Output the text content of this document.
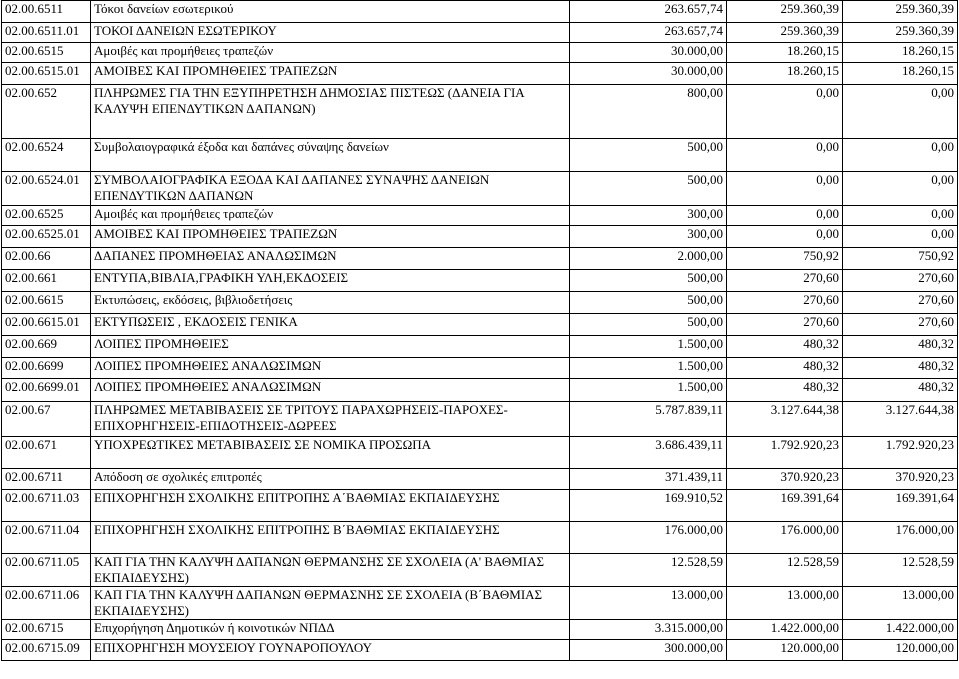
02.00.6511	Τόκοι δανείων εσωτερικού	263.657,74	259.360,39	259.360,39
02.00.6511.01	ΤΟΚΟΙ ΔΑΝΕΙΩΝ ΕΣΩΤΕΡΙΚΟΥ	263.657,74	259.360,39	259.360,39
02.00.6515	Αμοιβές και προμήθειες τραπεζών	30.000,00	18.260,15	18.260,15
02.00.6515.01	ΑΜΟΙΒΕΣ ΚΑΙ ΠΡΟΜΗΘΕΙΕΣ ΤΡΑΠΕΖΩΝ	30.000,00	18.260,15	18.260,15
02.00.652	ΠΛΗΡΩΜΕΣ ΓΙΑ ΤΗΝ ΕΞΥΠΗΡΕΤΗΣΗ ΔΗΜΟΣΙΑΣ ΠΙΣΤΕΩΣ (ΔΑΝΕΙΑ ΓΙΑ ΚΑΛΥΨΗ ΕΠΕΝΔΥΤΙΚΩΝ ΔΑΠΑΝΩΝ)	800,00	0,00	0,00
02.00.6524	Συμβολαιογραφικά έξοδα και δαπάνες σύναψης δανείων	500,00	0,00	0,00
02.00.6524.01	ΣΥΜΒΟΛΑΙΟΓΡΑΦΙΚΑ ΕΞΟΔΑ ΚΑΙ ΔΑΠΑΝΕΣ ΣΥΝΑΨΗΣ ΔΑΝΕΙΩΝ ΕΠΕΝΔΥΤΙΚΩΝ ΔΑΠΑΝΩΝ	500,00	0,00	0,00
02.00.6525	Αμοιβές και προμήθειες τραπεζών	300,00	0,00	0,00
02.00.6525.01	ΑΜΟΙΒΕΣ ΚΑΙ ΠΡΟΜΗΘΕΙΕΣ ΤΡΑΠΕΖΩΝ	300,00	0,00	0,00
02.00.66	ΔΑΠΑΝΕΣ ΠΡΟΜΗΘΕΙΑΣ ΑΝΑΛΩΣΙΜΩΝ	2.000,00	750,92	750,92
02.00.661	ΕΝΤΥΠΑ,ΒΙΒΛΙΑ,ΓΡΑΦΙΚΗ ΥΛΗ,ΕΚΔΟΣΕΙΣ	500,00	270,60	270,60
02.00.6615	Εκτυπώσεις, εκδόσεις, βιβλιοδετήσεις	500,00	270,60	270,60
02.00.6615.01	ΕΚΤΥΠΩΣΕΙΣ , ΕΚΔΟΣΕΙΣ ΓΕΝΙΚΑ	500,00	270,60	270,60
02.00.669	ΛΟΙΠΕΣ ΠΡΟΜΗΘΕΙΕΣ	1.500,00	480,32	480,32
02.00.6699	ΛΟΙΠΕΣ ΠΡΟΜΗΘΕΙΕΣ ΑΝΑΛΩΣΙΜΩΝ	1.500,00	480,32	480,32
02.00.6699.01	ΛΟΙΠΕΣ ΠΡΟΜΗΘΕΙΕΣ ΑΝΑΛΩΣΙΜΩΝ	1.500,00	480,32	480,32
02.00.67	ΠΛΗΡΩΜΕΣ ΜΕΤΑΒΙΒΑΣΕΙΣ ΣΕ ΤΡΙΤΟΥΣ ΠΑΡΑΧΩΡΗΣΕΙΣ-ΠΑΡΟΧΕΣ-ΕΠΙΧΟΡΗΓΗΣΕΙΣ-ΕΠΙΔΟΤΗΣΕΙΣ-ΔΩΡΕΕΣ	5.787.839,11	3.127.644,38	3.127.644,38
02.00.671	ΥΠΟΧΡΕΩΤΙΚΕΣ ΜΕΤΑΒΙΒΑΣΕΙΣ ΣΕ ΝΟΜΙΚΑ ΠΡΟΣΩΠΑ	3.686.439,11	1.792.920,23	1.792.920,23
02.00.6711	Απόδοση σε σχολικές επιτροπές	371.439,11	370.920,23	370.920,23
02.00.6711.03	ΕΠΙΧΟΡΗΓΗΣΗ ΣΧΟΛΙΚΗΣ ΕΠΙΤΡΟΠΗΣ Α΄ΒΑΘΜΙΑΣ ΕΚΠΑΙΔΕΥΣΗΣ	169.910,52	169.391,64	169.391,64
02.00.6711.04	ΕΠΙΧΟΡΗΓΗΣΗ ΣΧΟΛΙΚΗΣ ΕΠΙΤΡΟΠΗΣ Β΄ΒΑΘΜΙΑΣ ΕΚΠΑΙΔΕΥΣΗΣ	176.000,00	176.000,00	176.000,00
02.00.6711.05	ΚΑΠ ΓΙΑ ΤΗΝ ΚΑΛΥΨΗ ΔΑΠΑΝΩΝ ΘΕΡΜΑΝΣΗΣ ΣΕ ΣΧΟΛΕΙΑ (Α' ΒΑΘΜΙΑΣ ΕΚΠΑΙΔΕΥΣΗΣ)	12.528,59	12.528,59	12.528,59
02.00.6711.06	ΚΑΠ ΓΙΑ ΤΗΝ ΚΑΛΥΨΗ ΔΑΠΑΝΩΝ ΘΕΡΜΑΣΝΗΣ ΣΕ ΣΧΟΛΕΙΑ (Β΄ΒΑΘΜΙΑΣ ΕΚΠΑΙΔΕΥΣΗΣ)	13.000,00	13.000,00	13.000,00
02.00.6715	Επιχορήγηση Δημοτικών ή κοινοτικών ΝΠΔΔ	3.315.000,00	1.422.000,00	1.422.000,00
02.00.6715.09	ΕΠΙΧΟΡΗΓΗΣΗ ΜΟΥΣΕΙΟΥ ΓΟΥΝΑΡΟΠΟΥΛΟΥ	300.000,00	120.000,00	120.000,00
